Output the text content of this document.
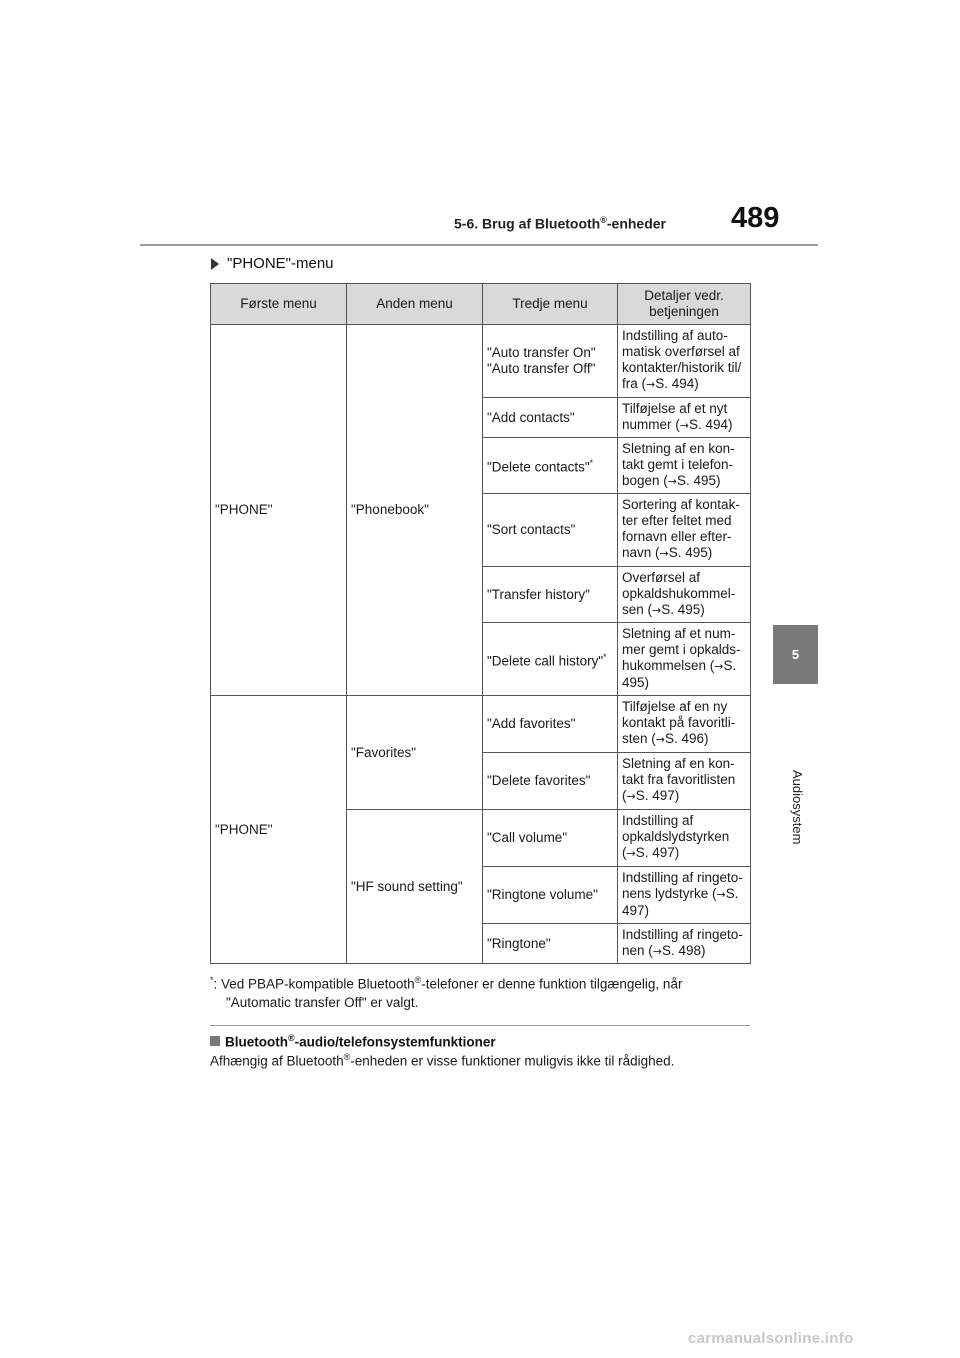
5-6. Brug af Bluetooth®-enheder 489
5
Audiosystem
"PHONE"-menu
Første menu	Anden menu	Tredje menu	Detaljer vedr. betjeningen
"PHONE"	"Phonebook"	"Auto transfer On" "Auto transfer Off"	Indstilling af auto-matisk overførsel af kontakter/historik til/ fra (→S. 494)
		"Add contacts"	Tilføjelse af et nyt nummer (→S. 494)
		"Delete contacts"*	Sletning af en kon-takt gemt i telefon-bogen (→S. 495)
		"Sort contacts"	Sortering af kontak-ter efter feltet med fornavn eller efter-navn (→S. 495)
		"Transfer history"	Overførsel af opkaldshukommel-sen (→S. 495)
		"Delete call history"*	Sletning af et num-mer gemt i opkalds-hukommelsen (→S. 495)
"PHONE"	"Favorites"	"Add favorites"	Tilføjelse af en ny kontakt på favoritli-sten (→S. 496)
		"Delete favorites"	Sletning af en kon-takt fra favoritlisten (→S. 497)
	"HF sound setting"	"Call volume"	Indstilling af opkaldslydstyrken (→S. 497)
		"Ringtone volume"	Indstilling af ringeto-nens lydstyrke (→S. 497)
		"Ringtone"	Indstilling af ringeto-nen (→S. 498)
*: Ved PBAP-kompatible Bluetooth®-telefoner er denne funktion tilgængelig, når
"Automatic transfer Off" er valgt.
Bluetooth®-audio/telefonsystemfunktioner
Afhængig af Bluetooth®-enheden er visse funktioner muligvis ikke til rådighed.
carmanualsonline.info
